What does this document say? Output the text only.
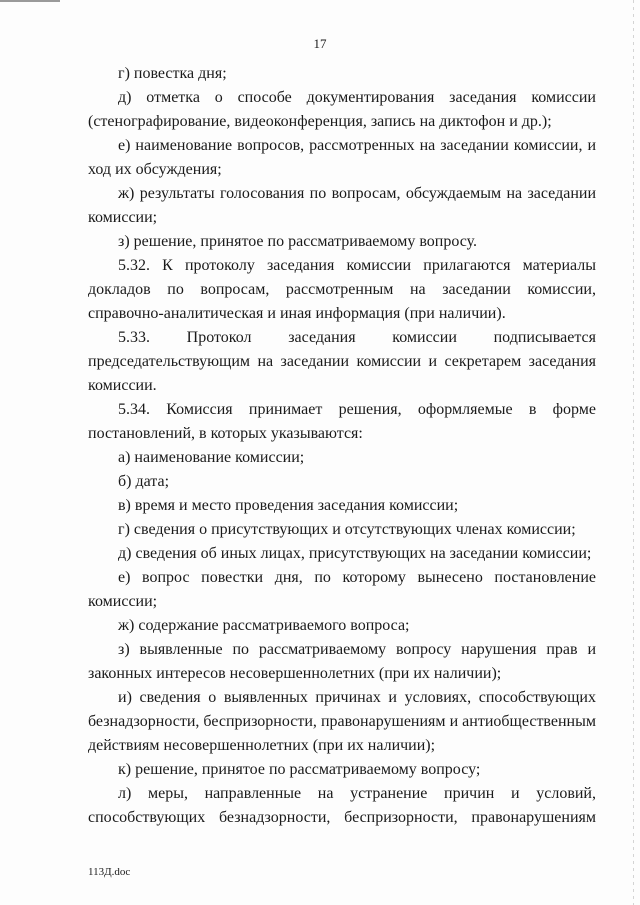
17

г) повестка дня;

д) отметка о способе документирования заседания комиссии (стенографирование, видеоконференция, запись на диктофон и др.);

е) наименование вопросов, рассмотренных на заседании комиссии, и ход их обсуждения;

ж) результаты голосования по вопросам, обсуждаемым на заседании комиссии;

з) решение, принятое по рассматриваемому вопросу.

5.32. К протоколу заседания комиссии прилагаются материалы докладов по вопросам, рассмотренным на заседании комиссии, справочно-аналитическая и иная информация (при наличии).

5.33. Протокол заседания комиссии подписывается председательствующим на заседании комиссии и секретарем заседания комиссии.

5.34. Комиссия принимает решения, оформляемые в форме постановлений, в которых указываются:

а) наименование комиссии;

б) дата;

в) время и место проведения заседания комиссии;

г) сведения о присутствующих и отсутствующих членах комиссии;

д) сведения об иных лицах, присутствующих на заседании комиссии;

е) вопрос повестки дня, по которому вынесено постановление комиссии;

ж) содержание рассматриваемого вопроса;

з) выявленные по рассматриваемому вопросу нарушения прав и законных интересов несовершеннолетних (при их наличии);

и) сведения о выявленных причинах и условиях, способствующих безнадзорности, беспризорности, правонарушениям и антиобщественным действиям несовершеннолетних (при их наличии);

к) решение, принятое по рассматриваемому вопросу;

л) меры, направленные на устранение причин и условий, способствующих безнадзорности, беспризорности, правонарушениям

113Д.doc
